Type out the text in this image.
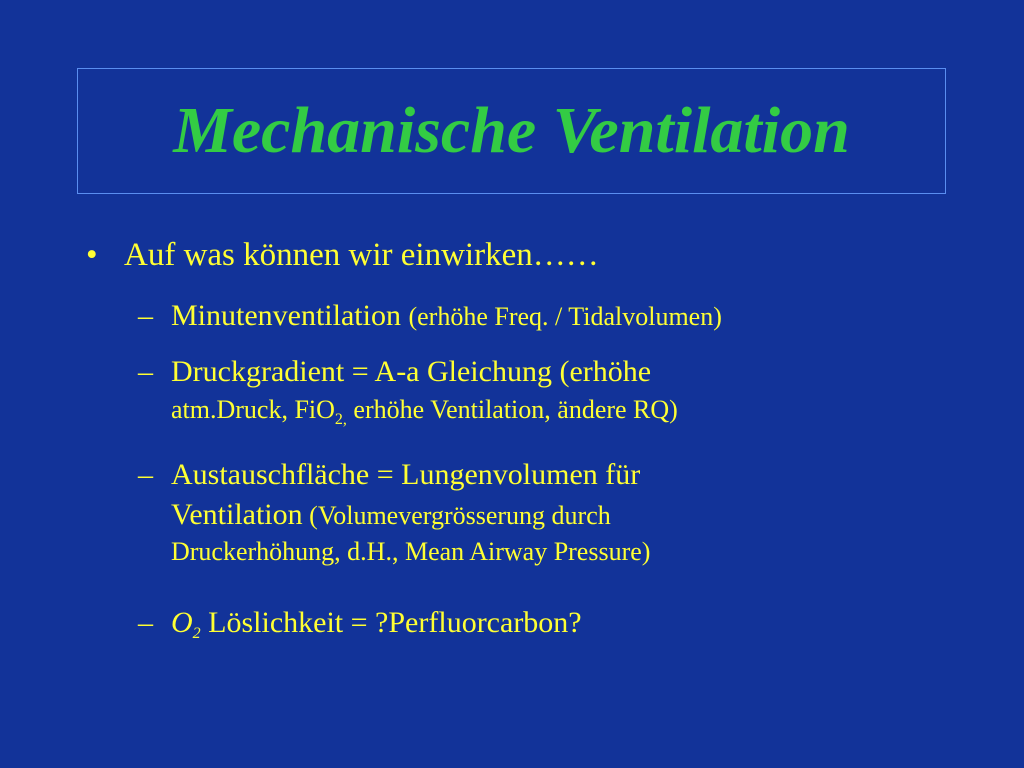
Mechanische Ventilation
• Auf was können wir einwirken……
– Minutenventilation (erhöhe Freq. / Tidalvolumen)
– Druckgradient = A-a Gleichung (erhöhe
atm.Druck, FiO$_{2,}$ erhöhe Ventilation, ändere RQ)
– Austauschfläche = Lungenvolumen für
Ventilation (Volumevergrösserung durch
Druckerhöhung, d.H., Mean Airway Pressure)
– $O_2$ Löslichkeit = ?Perfluorcarbon?
